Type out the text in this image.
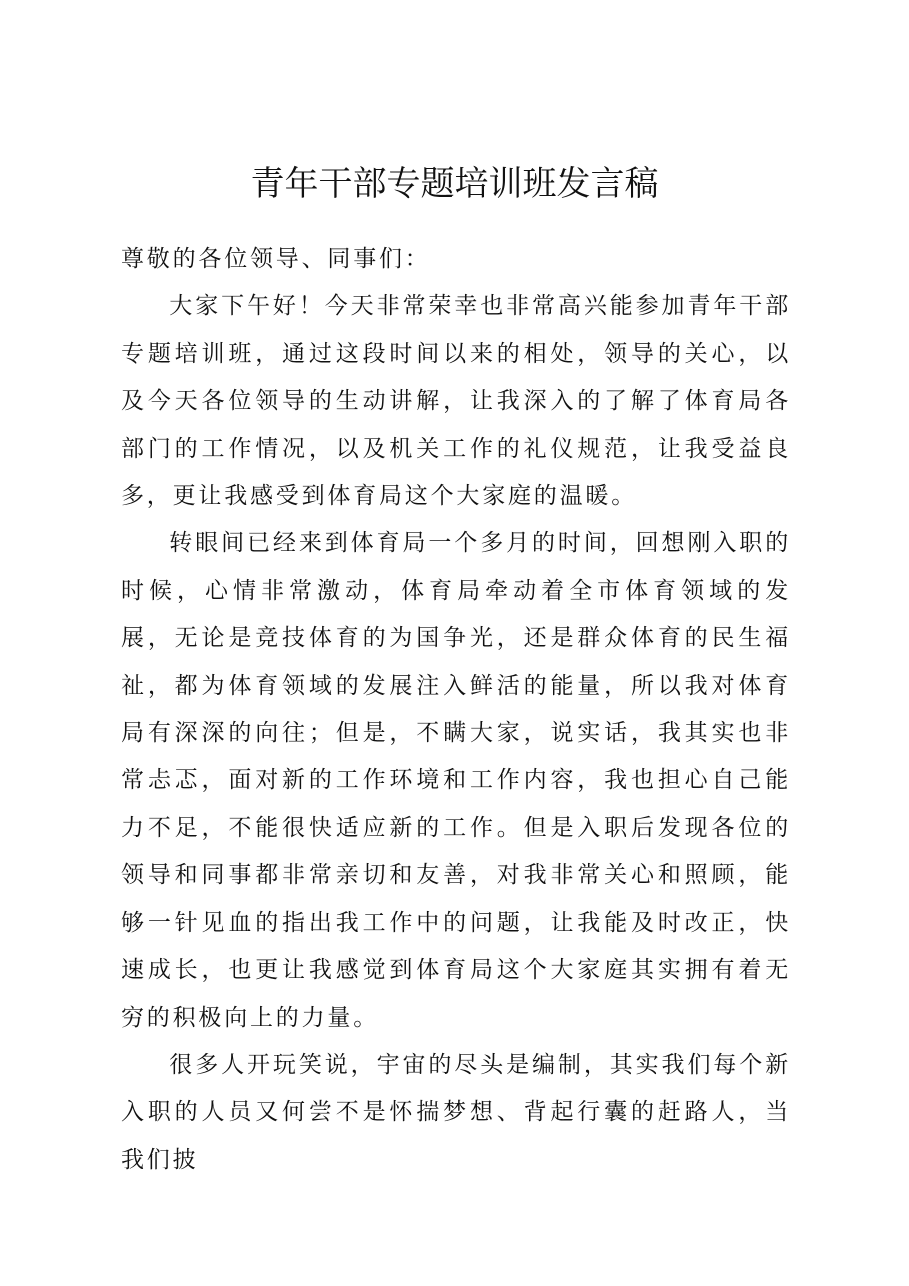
青年干部专题培训班发言稿

尊敬的各位领导、同事们：

大家下午好！今天非常荣幸也非常高兴能参加青年干部专题培训班，通过这段时间以来的相处，领导的关心，以及今天各位领导的生动讲解，让我深入的了解了体育局各部门的工作情况，以及机关工作的礼仪规范，让我受益良多，更让我感受到体育局这个大家庭的温暖。

转眼间已经来到体育局一个多月的时间，回想刚入职的时候，心情非常激动，体育局牵动着全市体育领域的发展，无论是竞技体育的为国争光，还是群众体育的民生福祉，都为体育领域的发展注入鲜活的能量，所以我对体育局有深深的向往；但是，不瞒大家，说实话，我其实也非常忐忑，面对新的工作环境和工作内容，我也担心自己能力不足，不能很快适应新的工作。但是入职后发现各位的领导和同事都非常亲切和友善，对我非常关心和照顾，能够一针见血的指出我工作中的问题，让我能及时改正，快速成长，也更让我感觉到体育局这个大家庭其实拥有着无穷的积极向上的力量。

很多人开玩笑说，宇宙的尽头是编制，其实我们每个新入职的人员又何尝不是怀揣梦想、背起行囊的赶路人，当我们披
